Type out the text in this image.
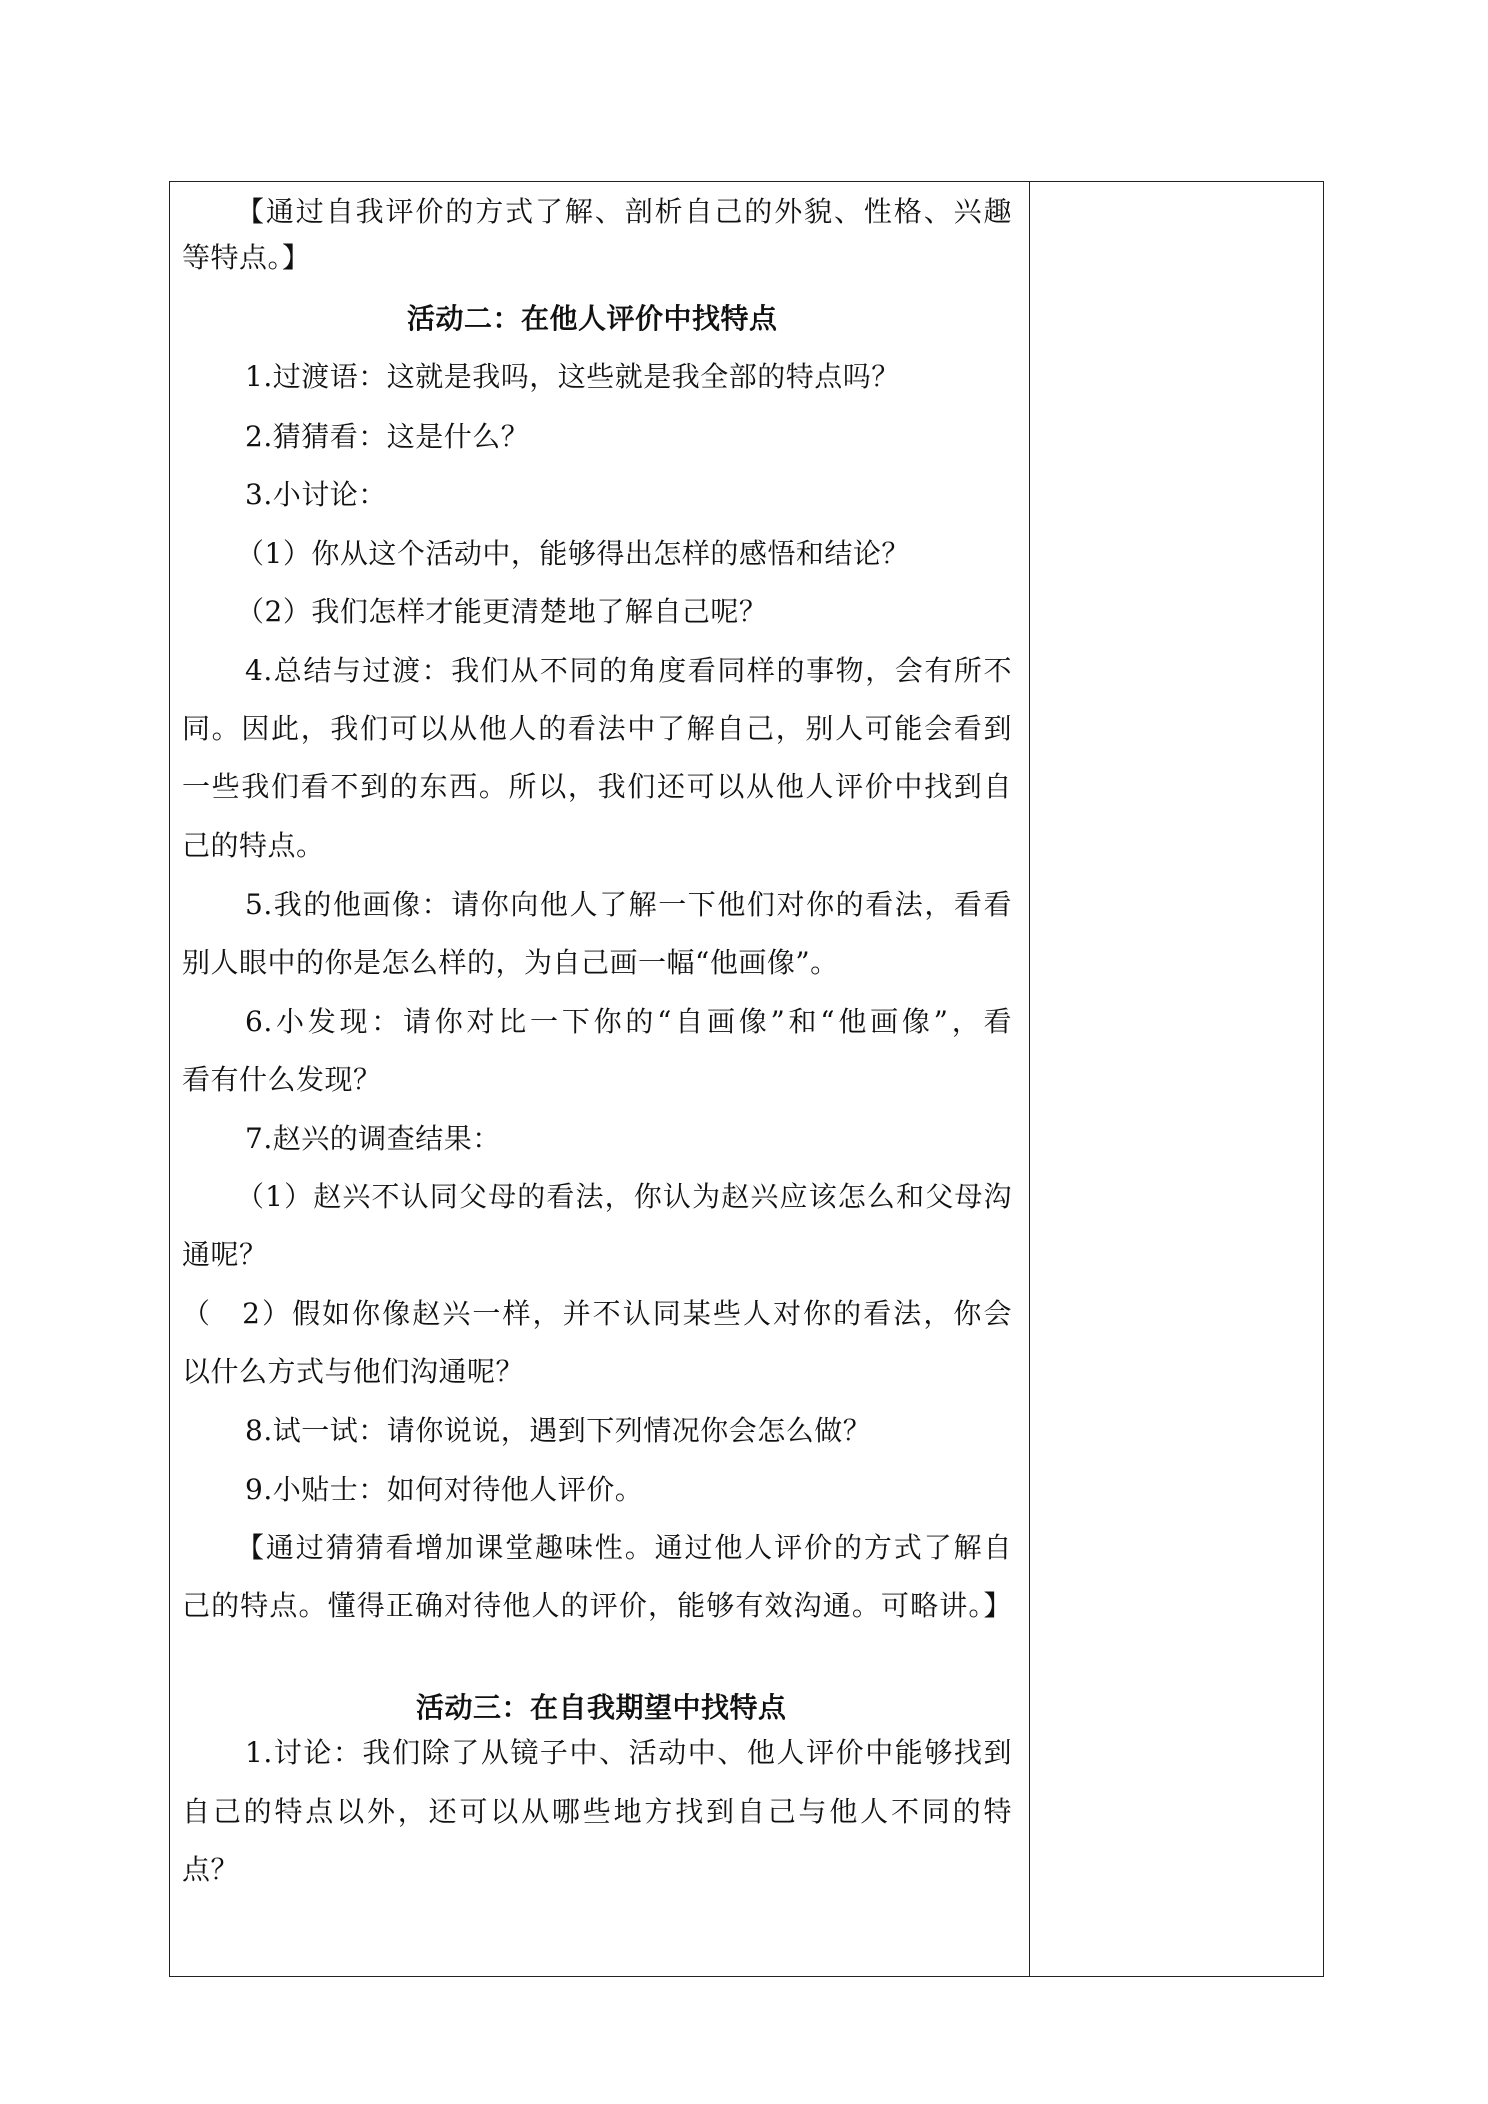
【通过自我评价的方式了解、剖析自己的外貌、性格、兴趣
等特点。】
活动二：在他人评价中找特点
1.过渡语：这就是我吗，这些就是我全部的特点吗？
2.猜猜看：这是什么？
3.小讨论：
（1）你从这个活动中，能够得出怎样的感悟和结论？
（2）我们怎样才能更清楚地了解自己呢？
4.总结与过渡：我们从不同的角度看同样的事物，会有所不
同。因此，我们可以从他人的看法中了解自己，别人可能会看到
一些我们看不到的东西。所以，我们还可以从他人评价中找到自
己的特点。
5.我的他画像：请你向他人了解一下他们对你的看法，看看
别人眼中的你是怎么样的，为自己画一幅“他画像”。
6.小发现：请你对比一下你的“自画像”和“他画像”，看
看有什么发现？
7.赵兴的调查结果：
（1）赵兴不认同父母的看法，你认为赵兴应该怎么和父母沟
通呢？
（　2）假如你像赵兴一样，并不认同某些人对你的看法，你会
以什么方式与他们沟通呢？
8.试一试：请你说说，遇到下列情况你会怎么做？
9.小贴士：如何对待他人评价。
【通过猜猜看增加课堂趣味性。通过他人评价的方式了解自
己的特点。懂得正确对待他人的评价，能够有效沟通。可略讲。】
活动三：在自我期望中找特点
1.讨论：我们除了从镜子中、活动中、他人评价中能够找到
自己的特点以外，还可以从哪些地方找到自己与他人不同的特
点？
